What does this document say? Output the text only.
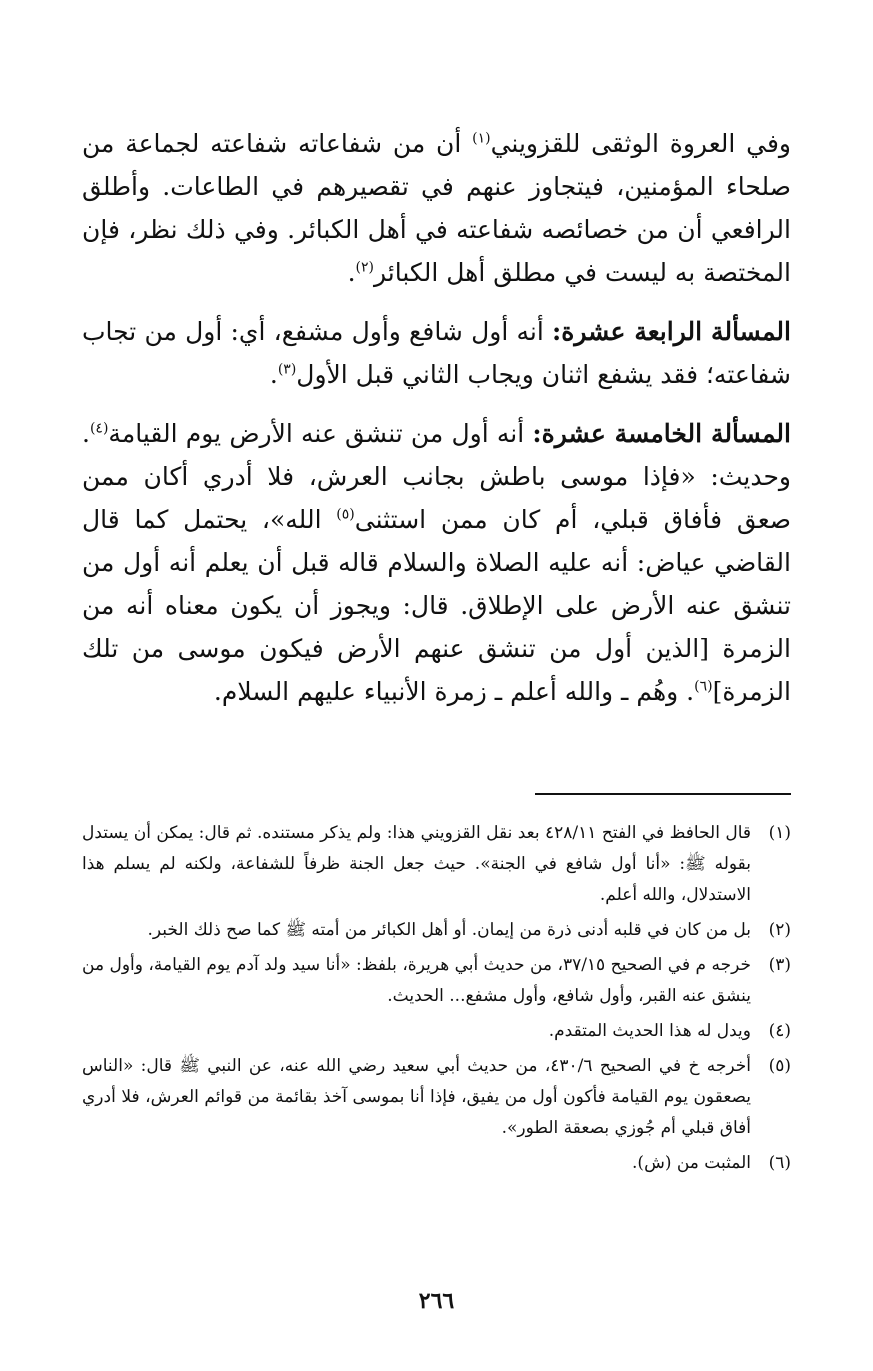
وفي العروة الوثقى للقزويني$^{(١)}$ أن من شفاعاته شفاعته لجماعة من صلحاء المؤمنين، فيتجاوز عنهم في تقصيرهم في الطاعات. وأطلق الرافعي أن من خصائصه شفاعته في أهل الكبائر. وفي ذلك نظر، فإن المختصة به ليست في مطلق أهل الكبائر$^{(٢)}$.

المسألة الرابعة عشرة: أنه أول شافع وأول مشفع، أي: أول من تجاب شفاعته؛ فقد يشفع اثنان ويجاب الثاني قبل الأول$^{(٣)}$.

المسألة الخامسة عشرة: أنه أول من تنشق عنه الأرض يوم القيامة$^{(٤)}$. وحديث: «فإذا موسى باطش بجانب العرش، فلا أدري أكان ممن صعق فأفاق قبلي، أم كان ممن استثنى$^{(٥)}$ الله»، يحتمل كما قال القاضي عياض: أنه عليه الصلاة والسلام قاله قبل أن يعلم أنه أول من تنشق عنه الأرض على الإطلاق. قال: ويجوز أن يكون معناه أنه من الزمرة [الذين أول من تنشق عنهم الأرض فيكون موسى من تلك الزمرة]$^{(٦)}$. وهُم ـ والله أعلم ـ زمرة الأنبياء عليهم السلام.

(١)
قال الحافظ في الفتح ٤٢٨/١١ بعد نقل القزويني هذا: ولم يذكر مستنده. ثم قال: يمكن أن يستدل بقوله ﷺ: «أنا أول شافع في الجنة». حيث جعل الجنة ظرفاً للشفاعة، ولكنه لم يسلم هذا الاستدلال، والله أعلم.
(٢)
بل من كان في قلبه أدنى ذرة من إيمان. أو أهل الكبائر من أمته ﷺ كما صح ذلك الخبر.
(٣)
خرجه م في الصحيح ٣٧/١٥، من حديث أبي هريرة، بلفظ: «أنا سيد ولد آدم يوم القيامة، وأول من ينشق عنه القبر، وأول شافع، وأول مشفع... الحديث.
(٤)
ويدل له هذا الحديث المتقدم.
(٥)
أخرجه خ في الصحيح ٤٣٠/٦، من حديث أبي سعيد رضي الله عنه، عن النبي ﷺ قال: «الناس يصعقون يوم القيامة فأكون أول من يفيق، فإذا أنا بموسى آخذ بقائمة من قوائم العرش، فلا أدري أفاق قبلي أم جُوزي بصعقة الطور».
(٦)
المثبت من (ش).
٢٦٦
